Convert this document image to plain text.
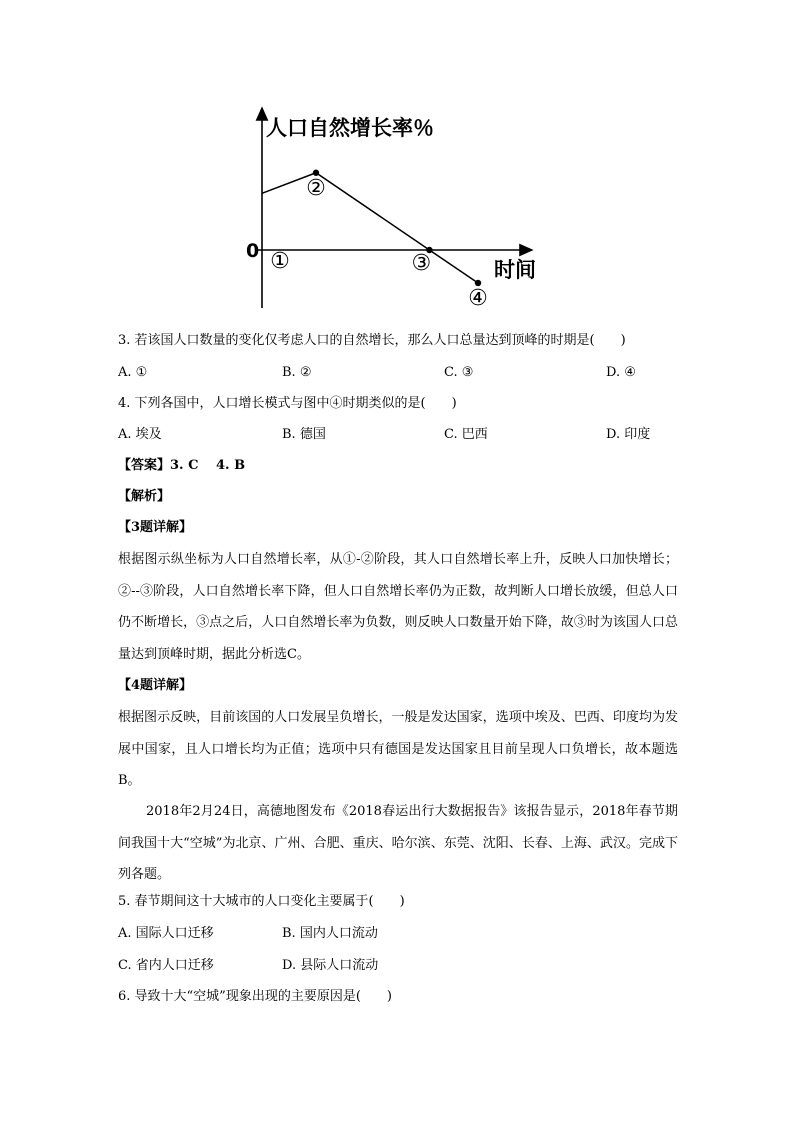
①
②
③
④
人口自然增长率％
时间
0
3. 若该国人口数量的变化仅考虑人口的自然增长，那么人口总量达到顶峰的时期是(　　)
A. ①	B. ②	C. ③	D. ④
4. 下列各国中，人口增长模式与图中④时期类似的是(　　)
A. 埃及	B. 德国	C. 巴西	D. 印度
【答案】3. C　 4. B
【解析】
【3题详解】
根据图示纵坐标为人口自然增长率，从①-②阶段，其人口自然增长率上升，反映人口加快增长；②--③阶段，人口自然增长率下降，但人口自然增长率仍为正数，故判断人口增长放缓，但总人口仍不断增长，③点之后，人口自然增长率为负数，则反映人口数量开始下降，故③时为该国人口总量达到顶峰时期，据此分析选C。
【4题详解】
根据图示反映，目前该国的人口发展呈负增长，一般是发达国家，选项中埃及、巴西、印度均为发展中国家，且人口增长均为正值；选项中只有德国是发达国家且目前呈现人口负增长，故本题选B。
2018年2月24日，高德地图发布《2018春运出行大数据报告》该报告显示，2018年春节期间我国十大“空城”为北京、广州、合肥、重庆、哈尔滨、东莞、沈阳、长春、上海、武汉。完成下列各题。
5. 春节期间这十大城市的人口变化主要属于(　　)
A. 国际人口迁移	B. 国内人口流动
C. 省内人口迁移	D. 县际人口流动
6. 导致十大“空城”现象出现的主要原因是(　　)
